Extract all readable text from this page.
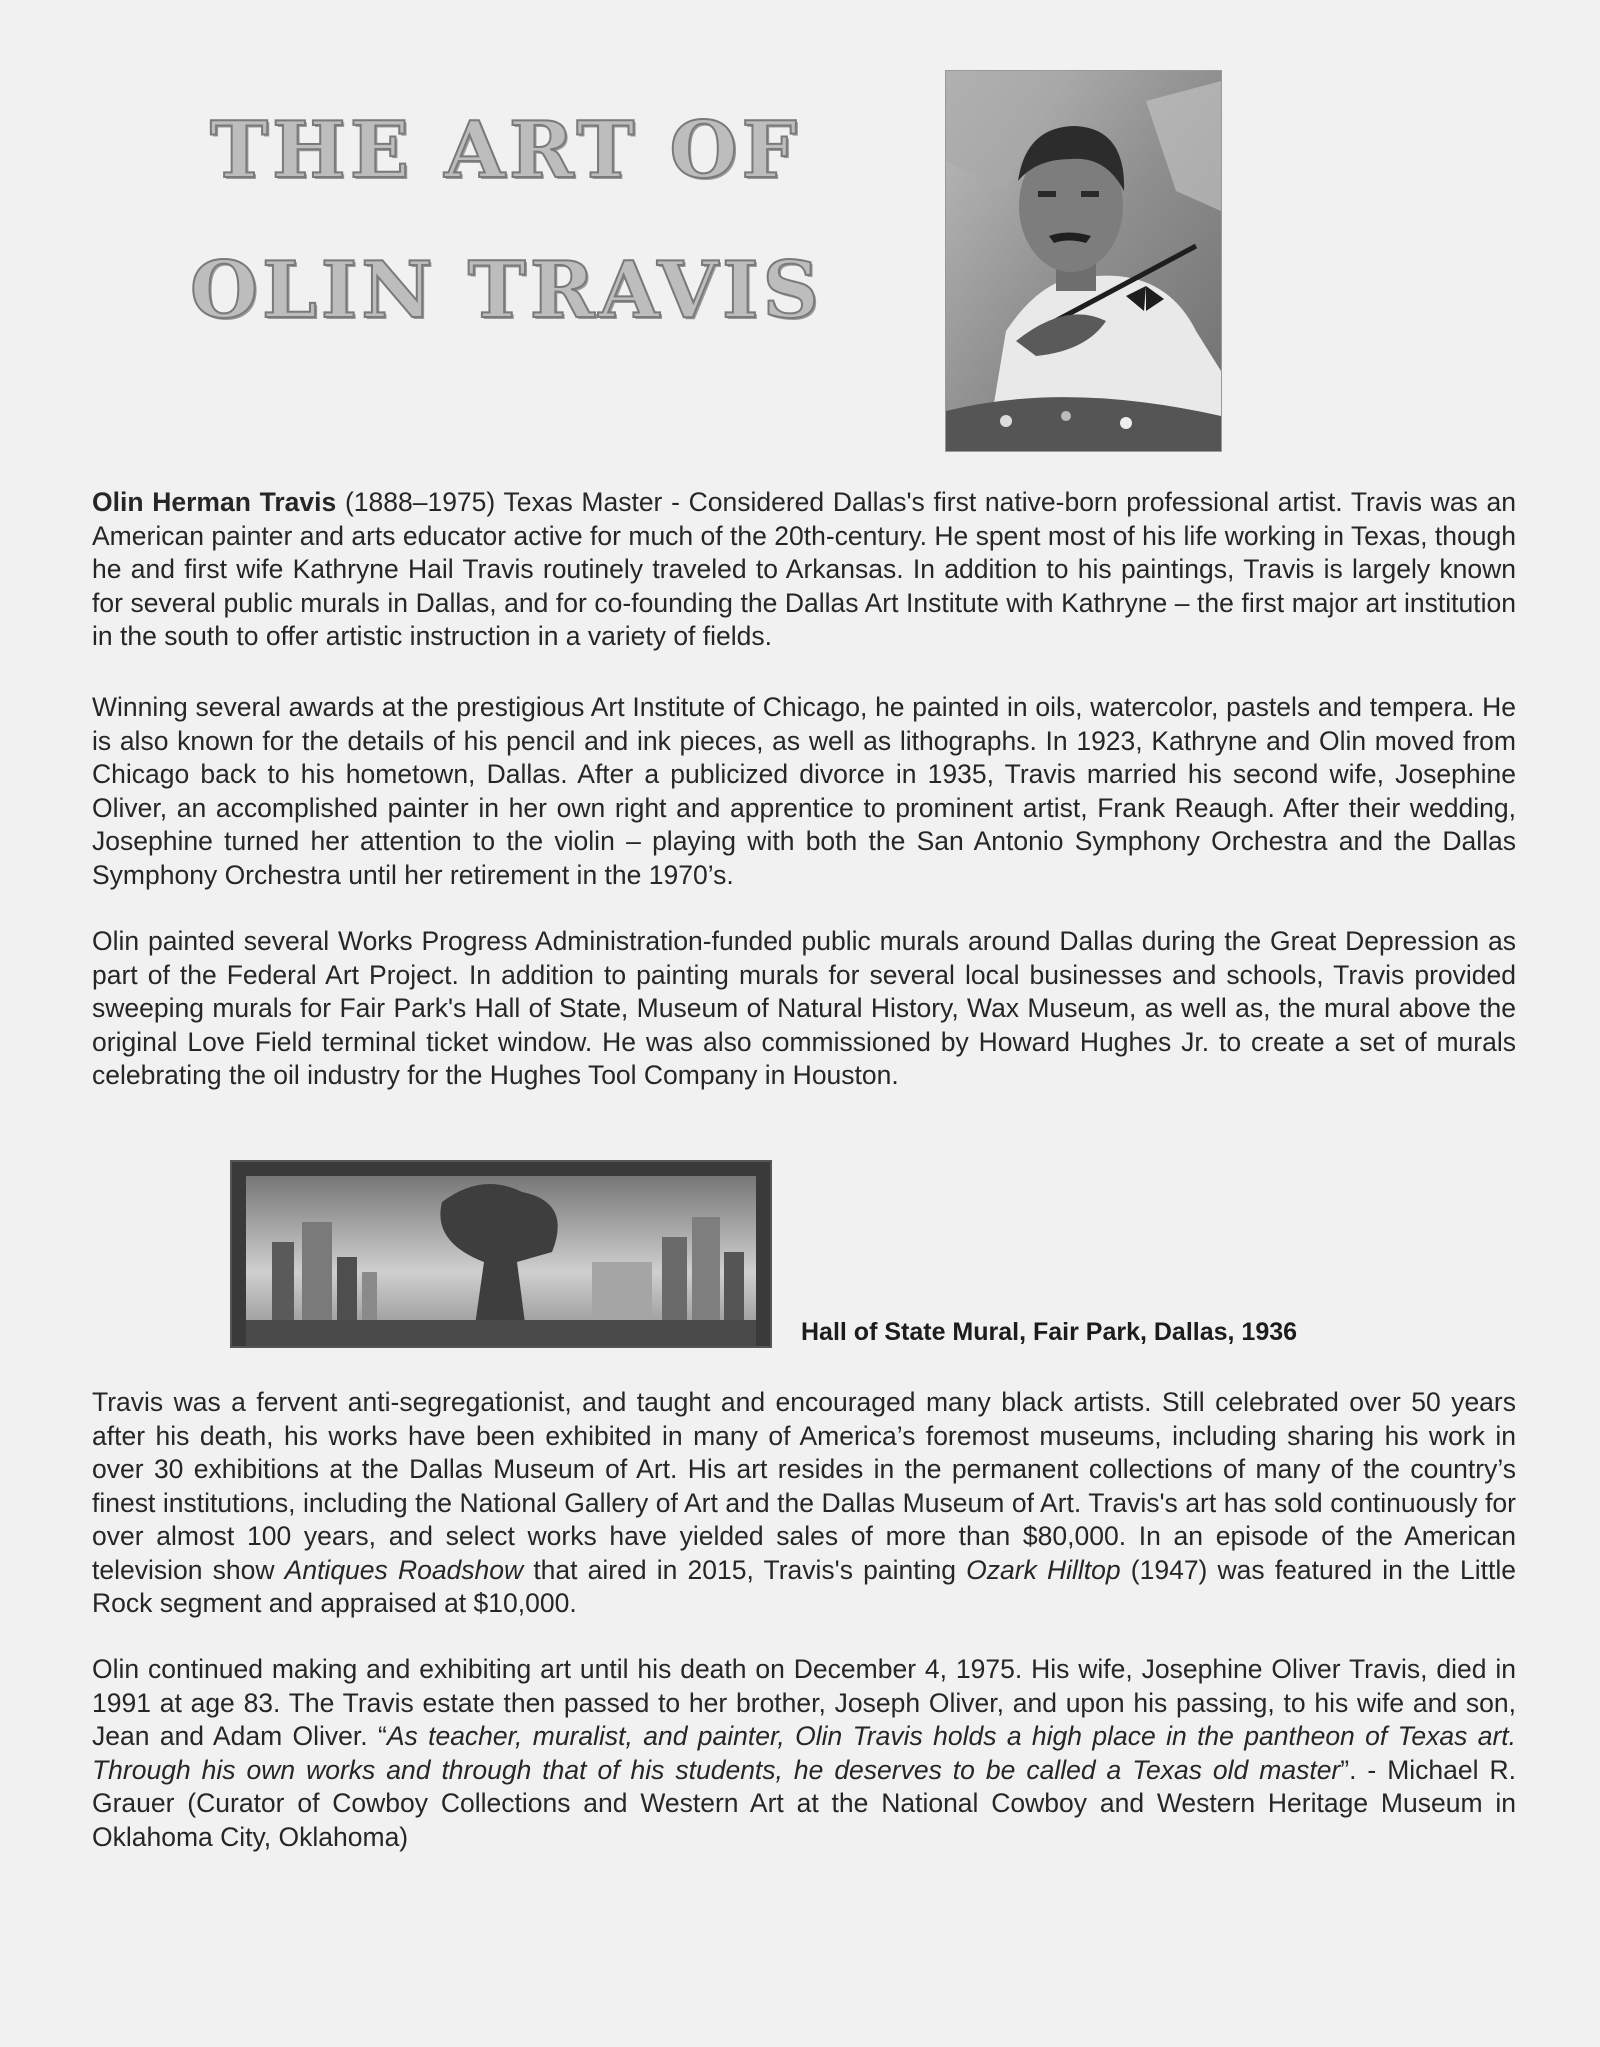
THE ART OF
OLIN TRAVIS

Olin Herman Travis (1888–1975) Texas Master - Considered Dallas's first native-born professional artist. Travis was an American painter and arts educator active for much of the 20th-century. He spent most of his life working in Texas, though he and first wife Kathryne Hail Travis routinely traveled to Arkansas. In addition to his paintings, Travis is largely known for several public murals in Dallas, and for co-founding the Dallas Art Institute with Kathryne – the first major art institution in the south to offer artistic instruction in a variety of fields.

Winning several awards at the prestigious Art Institute of Chicago, he painted in oils, watercolor, pastels and tempera. He is also known for the details of his pencil and ink pieces, as well as lithographs. In 1923, Kathryne and Olin moved from Chicago back to his hometown, Dallas. After a publicized divorce in 1935, Travis married his second wife, Josephine Oliver, an accomplished painter in her own right and apprentice to prominent artist, Frank Reaugh. After their wedding, Josephine turned her attention to the violin – playing with both the San Antonio Symphony Orchestra and the Dallas Symphony Orchestra until her retirement in the 1970’s.

Olin painted several Works Progress Administration-funded public murals around Dallas during the Great Depression as part of the Federal Art Project. In addition to painting murals for several local businesses and schools, Travis provided sweeping murals for Fair Park's Hall of State, Museum of Natural History, Wax Museum, as well as, the mural above the original Love Field terminal ticket window. He was also commissioned by Howard Hughes Jr. to create a set of murals celebrating the oil industry for the Hughes Tool Company in Houston.

Hall of State Mural, Fair Park, Dallas, 1936

Travis was a fervent anti-segregationist, and taught and encouraged many black artists. Still celebrated over 50 years after his death, his works have been exhibited in many of America’s foremost museums, including sharing his work in over 30 exhibitions at the Dallas Museum of Art. His art resides in the permanent collections of many of the country’s finest institutions, including the National Gallery of Art and the Dallas Museum of Art. Travis's art has sold continuously for over almost 100 years, and select works have yielded sales of more than $80,000. In an episode of the American television show Antiques Roadshow that aired in 2015, Travis's painting Ozark Hilltop (1947) was featured in the Little Rock segment and appraised at $10,000.

Olin continued making and exhibiting art until his death on December 4, 1975. His wife, Josephine Oliver Travis, died in 1991 at age 83. The Travis estate then passed to her brother, Joseph Oliver, and upon his passing, to his wife and son, Jean and Adam Oliver. “As teacher, muralist, and painter, Olin Travis holds a high place in the pantheon of Texas art. Through his own works and through that of his students, he deserves to be called a Texas old master”. - Michael R. Grauer (Curator of Cowboy Collections and Western Art at the National Cowboy and Western Heritage Museum in Oklahoma City, Oklahoma)
